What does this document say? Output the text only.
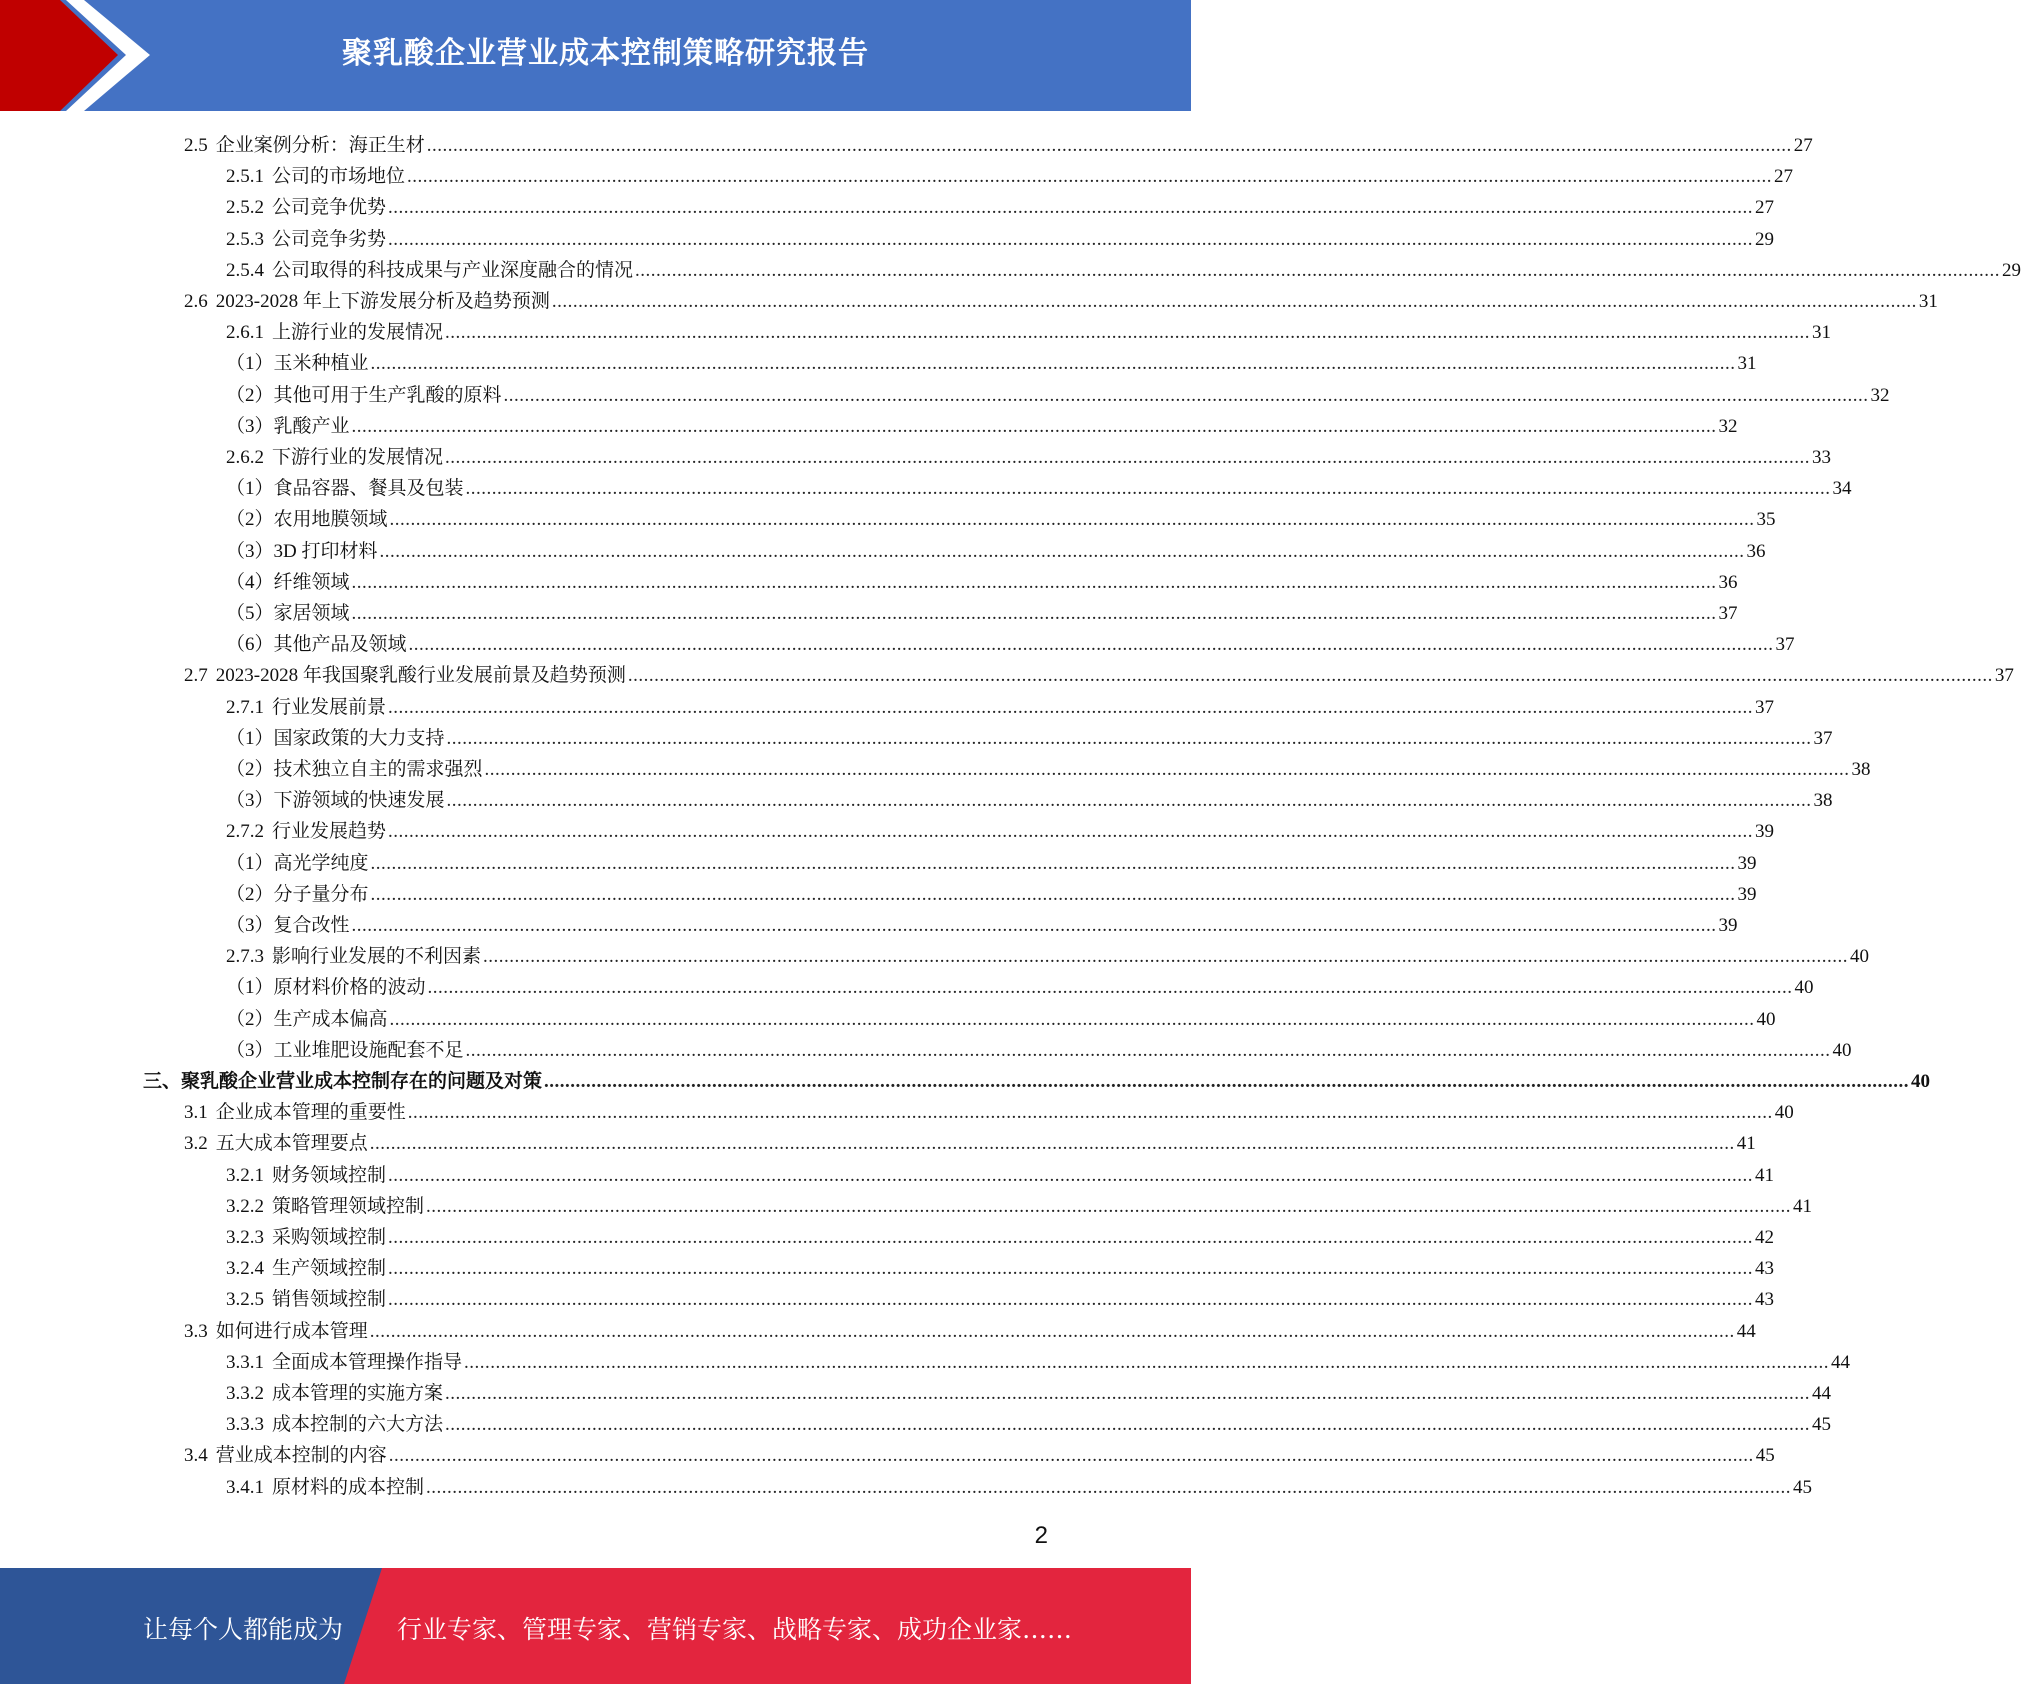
聚乳酸企业营业成本控制策略研究报告
2.5 企业案例分析：海正生材 .................................................................................................................................................................................................................................................................... 27
2.5.1 公司的市场地位 .................................................................................................................................................................................................................................................................... 27
2.5.2 公司竞争优势 .................................................................................................................................................................................................................................................................... 27
2.5.3 公司竞争劣势 .................................................................................................................................................................................................................................................................... 29
2.5.4 公司取得的科技成果与产业深度融合的情况 .................................................................................................................................................................................................................................................................... 29
2.6 2023-2028 年上下游发展分析及趋势预测 .................................................................................................................................................................................................................................................................... 31
2.6.1 上游行业的发展情况 .................................................................................................................................................................................................................................................................... 31
（1） 玉米种植业 .................................................................................................................................................................................................................................................................... 31
（2） 其他可用于生产乳酸的原料 .................................................................................................................................................................................................................................................................... 32
（3） 乳酸产业 .................................................................................................................................................................................................................................................................... 32
2.6.2 下游行业的发展情况 .................................................................................................................................................................................................................................................................... 33
（1） 食品容器、餐具及包装 .................................................................................................................................................................................................................................................................... 34
（2） 农用地膜领域 .................................................................................................................................................................................................................................................................... 35
（3） 3D 打印材料 .................................................................................................................................................................................................................................................................... 36
（4） 纤维领域 .................................................................................................................................................................................................................................................................... 36
（5） 家居领域 .................................................................................................................................................................................................................................................................... 37
（6） 其他产品及领域 .................................................................................................................................................................................................................................................................... 37
2.7 2023-2028 年我国聚乳酸行业发展前景及趋势预测 .................................................................................................................................................................................................................................................................... 37
2.7.1 行业发展前景 .................................................................................................................................................................................................................................................................... 37
（1） 国家政策的大力支持 .................................................................................................................................................................................................................................................................... 37
（2） 技术独立自主的需求强烈 .................................................................................................................................................................................................................................................................... 38
（3） 下游领域的快速发展 .................................................................................................................................................................................................................................................................... 38
2.7.2 行业发展趋势 .................................................................................................................................................................................................................................................................... 39
（1） 高光学纯度 .................................................................................................................................................................................................................................................................... 39
（2） 分子量分布 .................................................................................................................................................................................................................................................................... 39
（3） 复合改性 .................................................................................................................................................................................................................................................................... 39
2.7.3 影响行业发展的不利因素 .................................................................................................................................................................................................................................................................... 40
（1） 原材料价格的波动 .................................................................................................................................................................................................................................................................... 40
（2） 生产成本偏高 .................................................................................................................................................................................................................................................................... 40
（3） 工业堆肥设施配套不足 .................................................................................................................................................................................................................................................................... 40
三、 聚乳酸企业营业成本控制存在的问题及对策 .................................................................................................................................................................................................................................................................... 40
3.1 企业成本管理的重要性 .................................................................................................................................................................................................................................................................... 40
3.2 五大成本管理要点 .................................................................................................................................................................................................................................................................... 41
3.2.1 财务领域控制 .................................................................................................................................................................................................................................................................... 41
3.2.2 策略管理领域控制 .................................................................................................................................................................................................................................................................... 41
3.2.3 采购领域控制 .................................................................................................................................................................................................................................................................... 42
3.2.4 生产领域控制 .................................................................................................................................................................................................................................................................... 43
3.2.5 销售领域控制 .................................................................................................................................................................................................................................................................... 43
3.3 如何进行成本管理 .................................................................................................................................................................................................................................................................... 44
3.3.1 全面成本管理操作指导 .................................................................................................................................................................................................................................................................... 44
3.3.2 成本管理的实施方案 .................................................................................................................................................................................................................................................................... 44
3.3.3 成本控制的六大方法 .................................................................................................................................................................................................................................................................... 45
3.4 营业成本控制的内容 .................................................................................................................................................................................................................................................................... 45
3.4.1 原材料的成本控制 .................................................................................................................................................................................................................................................................... 45
2
让每个人都能成为 行业专家、管理专家、营销专家、战略专家、成功企业家……
